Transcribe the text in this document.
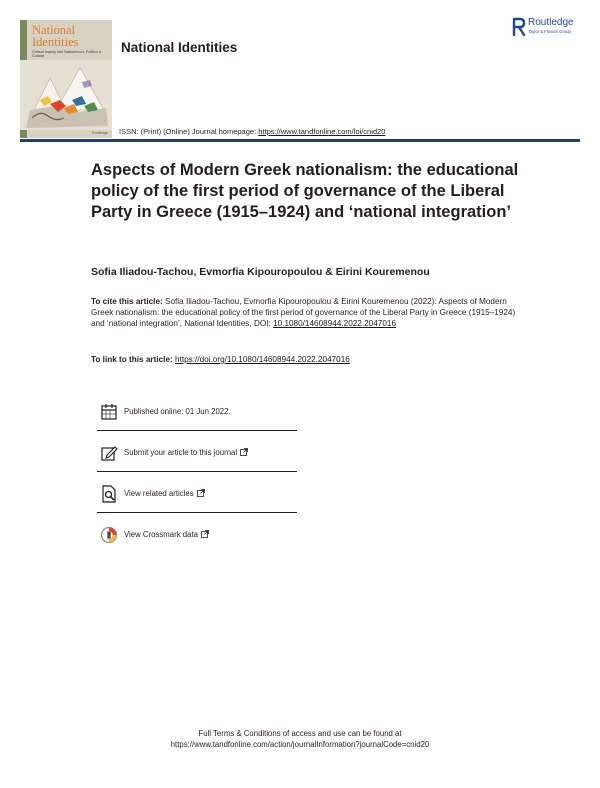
National Identities
Critical Inquiry into Nationhood, Politics & Culture
Routledge
National Identities
Routledge
Taylor & Francis Group
ISSN: (Print) (Online) Journal homepage: https://www.tandfonline.com/loi/cnid20
Aspects of Modern Greek nationalism: the educational policy of the first period of governance of the Liberal Party in Greece (1915–1924) and ‘national integration’
Sofia Iliadou-Tachou, Evmorfia Kipouropoulou & Eirini Kouremenou
To cite this article: Sofia Iliadou-Tachou, Evmorfia Kipouropoulou & Eirini Kouremenou (2022): Aspects of Modern Greek nationalism: the educational policy of the first period of governance of the Liberal Party in Greece (1915–1924) and ‘national integration’, National Identities, DOI: 10.1080/14608944.2022.2047016
To link to this article: https://doi.org/10.1080/14608944.2022.2047016
Published online: 01 Jun 2022.
Submit your article to this journal
View related articles
View Crossmark data
Full Terms & Conditions of access and use can be found at
https://www.tandfonline.com/action/journalInformation?journalCode=cnid20
